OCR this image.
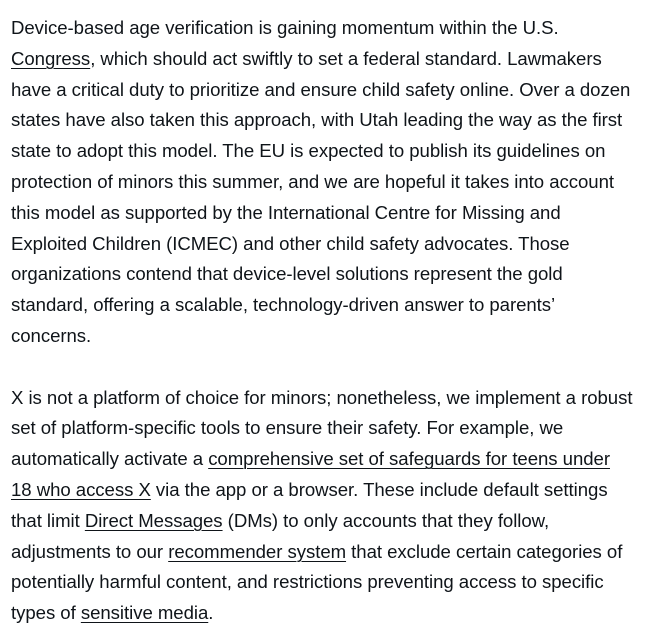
Device-based age verification is gaining momentum within the U.S. Congress, which should act swiftly to set a federal standard. Lawmakers have a critical duty to prioritize and ensure child safety online. Over a dozen states have also taken this approach, with Utah leading the way as the first state to adopt this model. The EU is expected to publish its guidelines on protection of minors this summer, and we are hopeful it takes into account this model as supported by the International Centre for Missing and Exploited Children (ICMEC) and other child safety advocates. Those organizations contend that device-level solutions represent the gold standard, offering a scalable, technology-driven answer to parents’ concerns.

X is not a platform of choice for minors; nonetheless, we implement a robust set of platform-specific tools to ensure their safety. For example, we automatically activate a comprehensive set of safeguards for teens under 18 who access X via the app or a browser. These include default settings that limit Direct Messages (DMs) to only accounts that they follow, adjustments to our recommender system that exclude certain categories of potentially harmful content, and restrictions preventing access to specific types of sensitive media.
